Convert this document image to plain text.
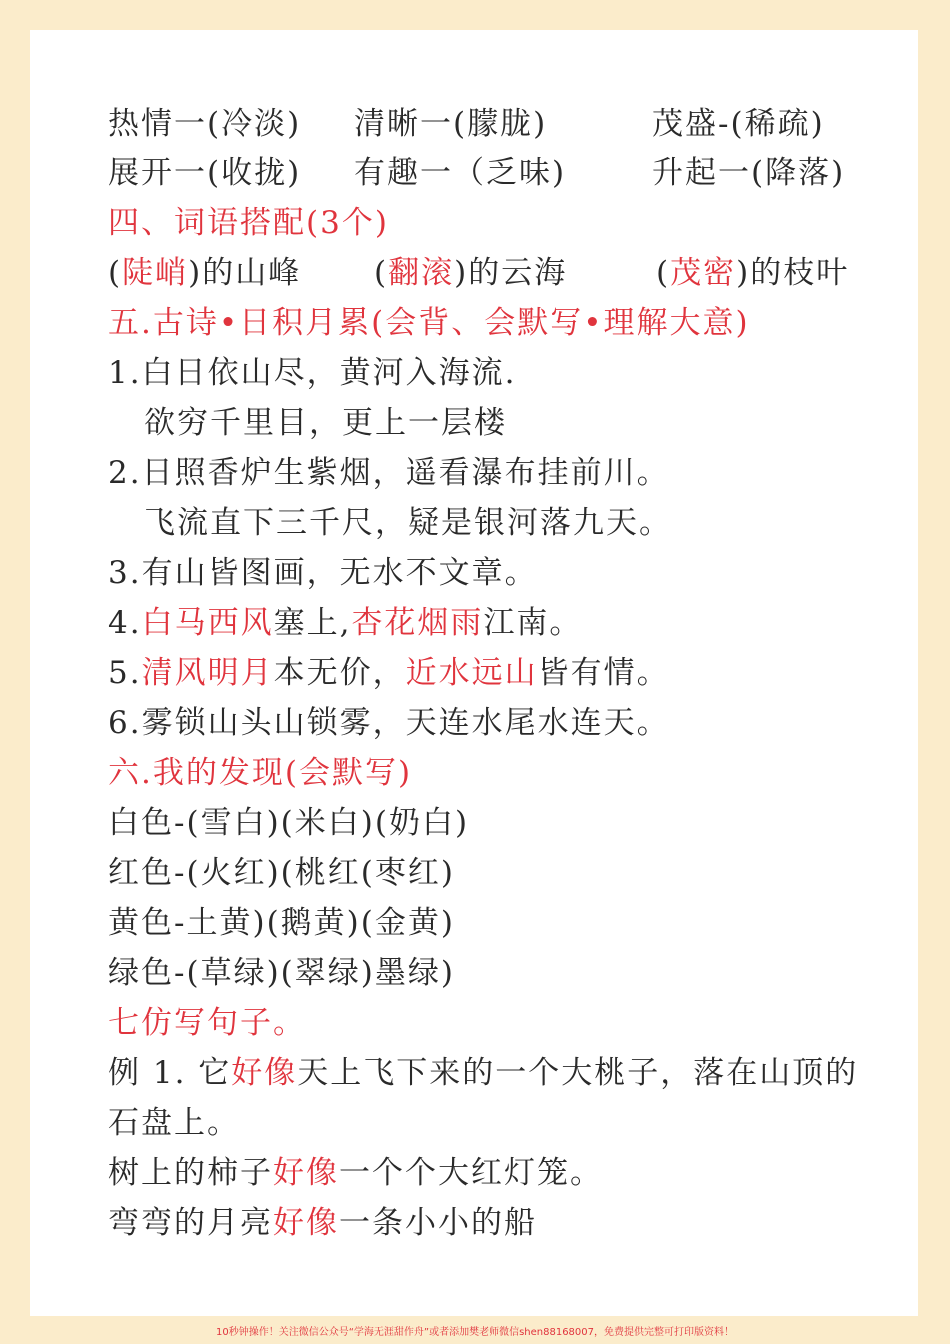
热情一(冷淡) 清晰一(朦胧)	茂盛-(稀疏)
展开一(收拢) 有趣一（乏味)	升起一(降落)
四、词语搭配(3个)
(陡峭)的山峰 (翻滚)的云海	(茂密)的枝叶
五.古诗•日积月累(会背、会默写•理解大意)
1.白日依山尽，黄河入海流.
欲穷千里目，更上一层楼
2.日照香炉生紫烟，遥看瀑布挂前川。
飞流直下三千尺，疑是银河落九天。
3.有山皆图画，无水不文章。
4.白马西风塞上,杏花烟雨江南。
5.清风明月本无价，近水远山皆有情。
6.雾锁山头山锁雾，天连水尾水连天。
六.我的发现(会默写)
白色-(雪白)(米白)(奶白)
红色-(火红)(桃红(枣红)
黄色-土黄)(鹅黄)(金黄)
绿色-(草绿)(翠绿)墨绿)
七仿写句子。
例 1. 它好像天上飞下来的一个大桃子，落在山顶的
石盘上。
树上的柿子好像一个个大红灯笼。
弯弯的月亮好像一条小小的船
10秒钟操作！关注微信公众号“学海无涯甜作舟”或者添加樊老师微信shen88168007，免费提供完整可打印版资料！
